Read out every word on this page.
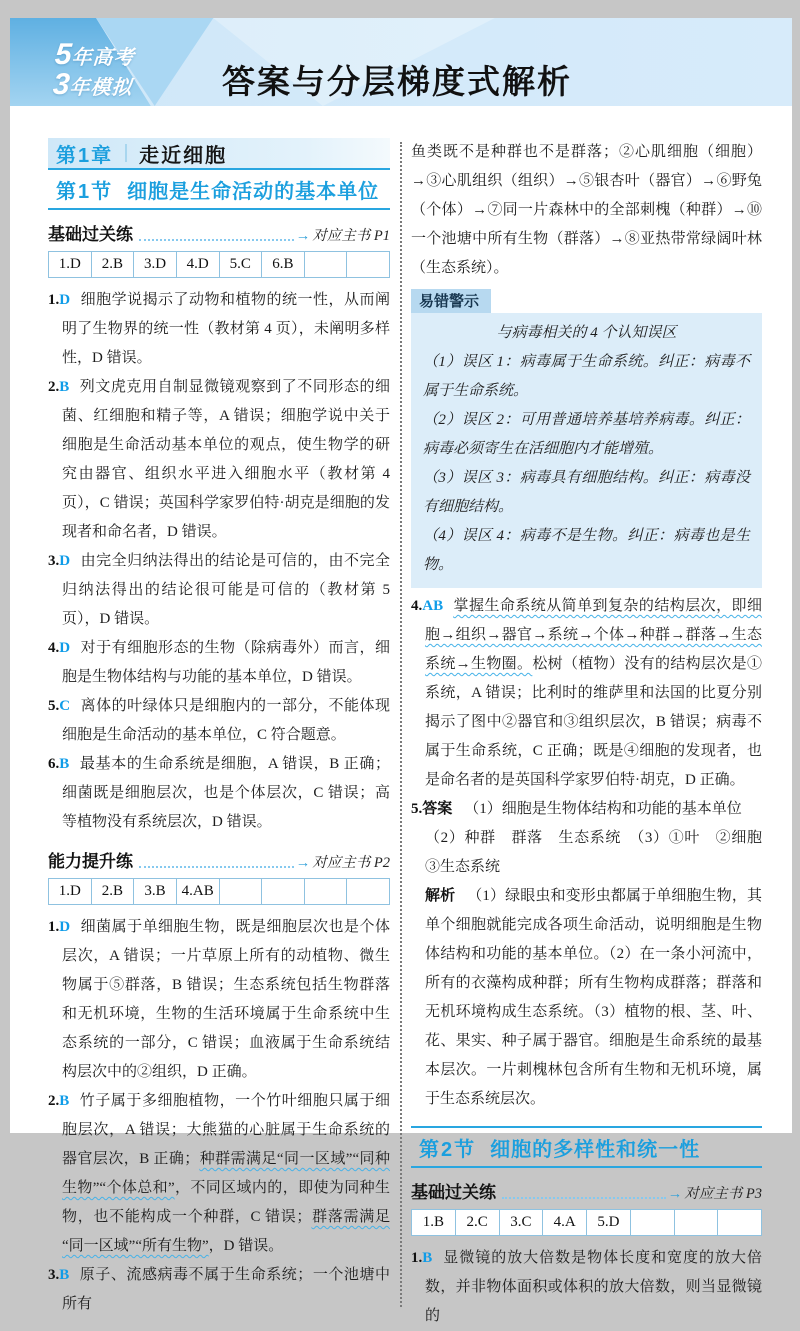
5年高考
3年模拟	答案与分层梯度式解析
第1章 走近细胞
第1节 细胞是生命活动的基本单位
基础过关练	→ 对应主书 P1
1.D	2.B	3.D	4.D	5.C	6.B		
1.D 细胞学说揭示了动物和植物的统一性，从而阐明了生物界的统一性（教材第 4 页），未阐明多样性，D 错误。
2.B 列文虎克用自制显微镜观察到了不同形态的细菌、红细胞和精子等，A 错误；细胞学说中关于细胞是生命活动基本单位的观点，使生物学的研究由器官、组织水平进入细胞水平（教材第 4 页），C 错误；英国科学家罗伯特·胡克是细胞的发现者和命名者，D 错误。
3.D 由完全归纳法得出的结论是可信的，由不完全归纳法得出的结论很可能是可信的（教材第 5 页），D 错误。
4.D 对于有细胞形态的生物（除病毒外）而言，细胞是生物体结构与功能的基本单位，D 错误。
5.C 离体的叶绿体只是细胞内的一部分，不能体现细胞是生命活动的基本单位，C 符合题意。
6.B 最基本的生命系统是细胞，A 错误，B 正确；细菌既是细胞层次，也是个体层次，C 错误；高等植物没有系统层次，D 错误。
能力提升练	→ 对应主书 P2
1.D	2.B	3.B	4.AB				
1.D 细菌属于单细胞生物，既是细胞层次也是个体层次，A 错误；一片草原上所有的动植物、微生物属于⑤群落，B 错误；生态系统包括生物群落和无机环境，生物的生活环境属于生命系统中生态系统的一部分，C 错误；血液属于生命系统结构层次中的②组织，D 正确。
2.B 竹子属于多细胞植物，一个竹叶细胞只属于细胞层次，A 错误；大熊猫的心脏属于生命系统的器官层次，B 正确；种群需满足“同一区域”“同种生物”“个体总和”，不同区域内的，即使为同种生物，也不能构成一个种群，C 错误；群落需满足“同一区域”“所有生物”，D 错误。
3.B 原子、流感病毒不属于生命系统；一个池塘中所有
鱼类既不是种群也不是群落；②心肌细胞（细胞）→③心肌组织（组织）→⑤银杏叶（器官）→⑥野兔（个体）→⑦同一片森林中的全部刺槐（种群）→⑩一个池塘中所有生物（群落）→⑧亚热带常绿阔叶林（生态系统）。
易错警示
与病毒相关的 4 个认知误区
（1）误区 1：病毒属于生命系统。纠正：病毒不属于生命系统。
（2）误区 2：可用普通培养基培养病毒。纠正：病毒必须寄生在活细胞内才能增殖。
（3）误区 3：病毒具有细胞结构。纠正：病毒没有细胞结构。
（4）误区 4：病毒不是生物。纠正：病毒也是生物。
4.AB 掌握生命系统从简单到复杂的结构层次，即细胞→组织→器官→系统→个体→种群→群落→生态系统→生物圈。松树（植物）没有的结构层次是①系统，A 错误；比利时的维萨里和法国的比夏分别揭示了图中②器官和③组织层次，B 错误；病毒不属于生命系统，C 正确；既是④细胞的发现者，也是命名者的是英国科学家罗伯特·胡克，D 正确。
5.答案 （1）细胞是生物体结构和功能的基本单位
（2）种群　群落　生态系统　（3）①叶　②细胞　③生态系统
解析 （1）绿眼虫和变形虫都属于单细胞生物，其单个细胞就能完成各项生命活动，说明细胞是生物体结构和功能的基本单位。（2）在一条小河流中，所有的衣藻构成种群；所有生物构成群落；群落和无机环境构成生态系统。（3）植物的根、茎、叶、花、果实、种子属于器官。细胞是生命系统的最基本层次。一片刺槐林包含所有生物和无机环境，属于生态系统层次。
第2节 细胞的多样性和统一性
基础过关练	→ 对应主书 P3
1.B	2.C	3.C	4.A	5.D			
1.B 显微镜的放大倍数是物体长度和宽度的放大倍数，并非物体面积或体积的放大倍数，则当显微镜的
